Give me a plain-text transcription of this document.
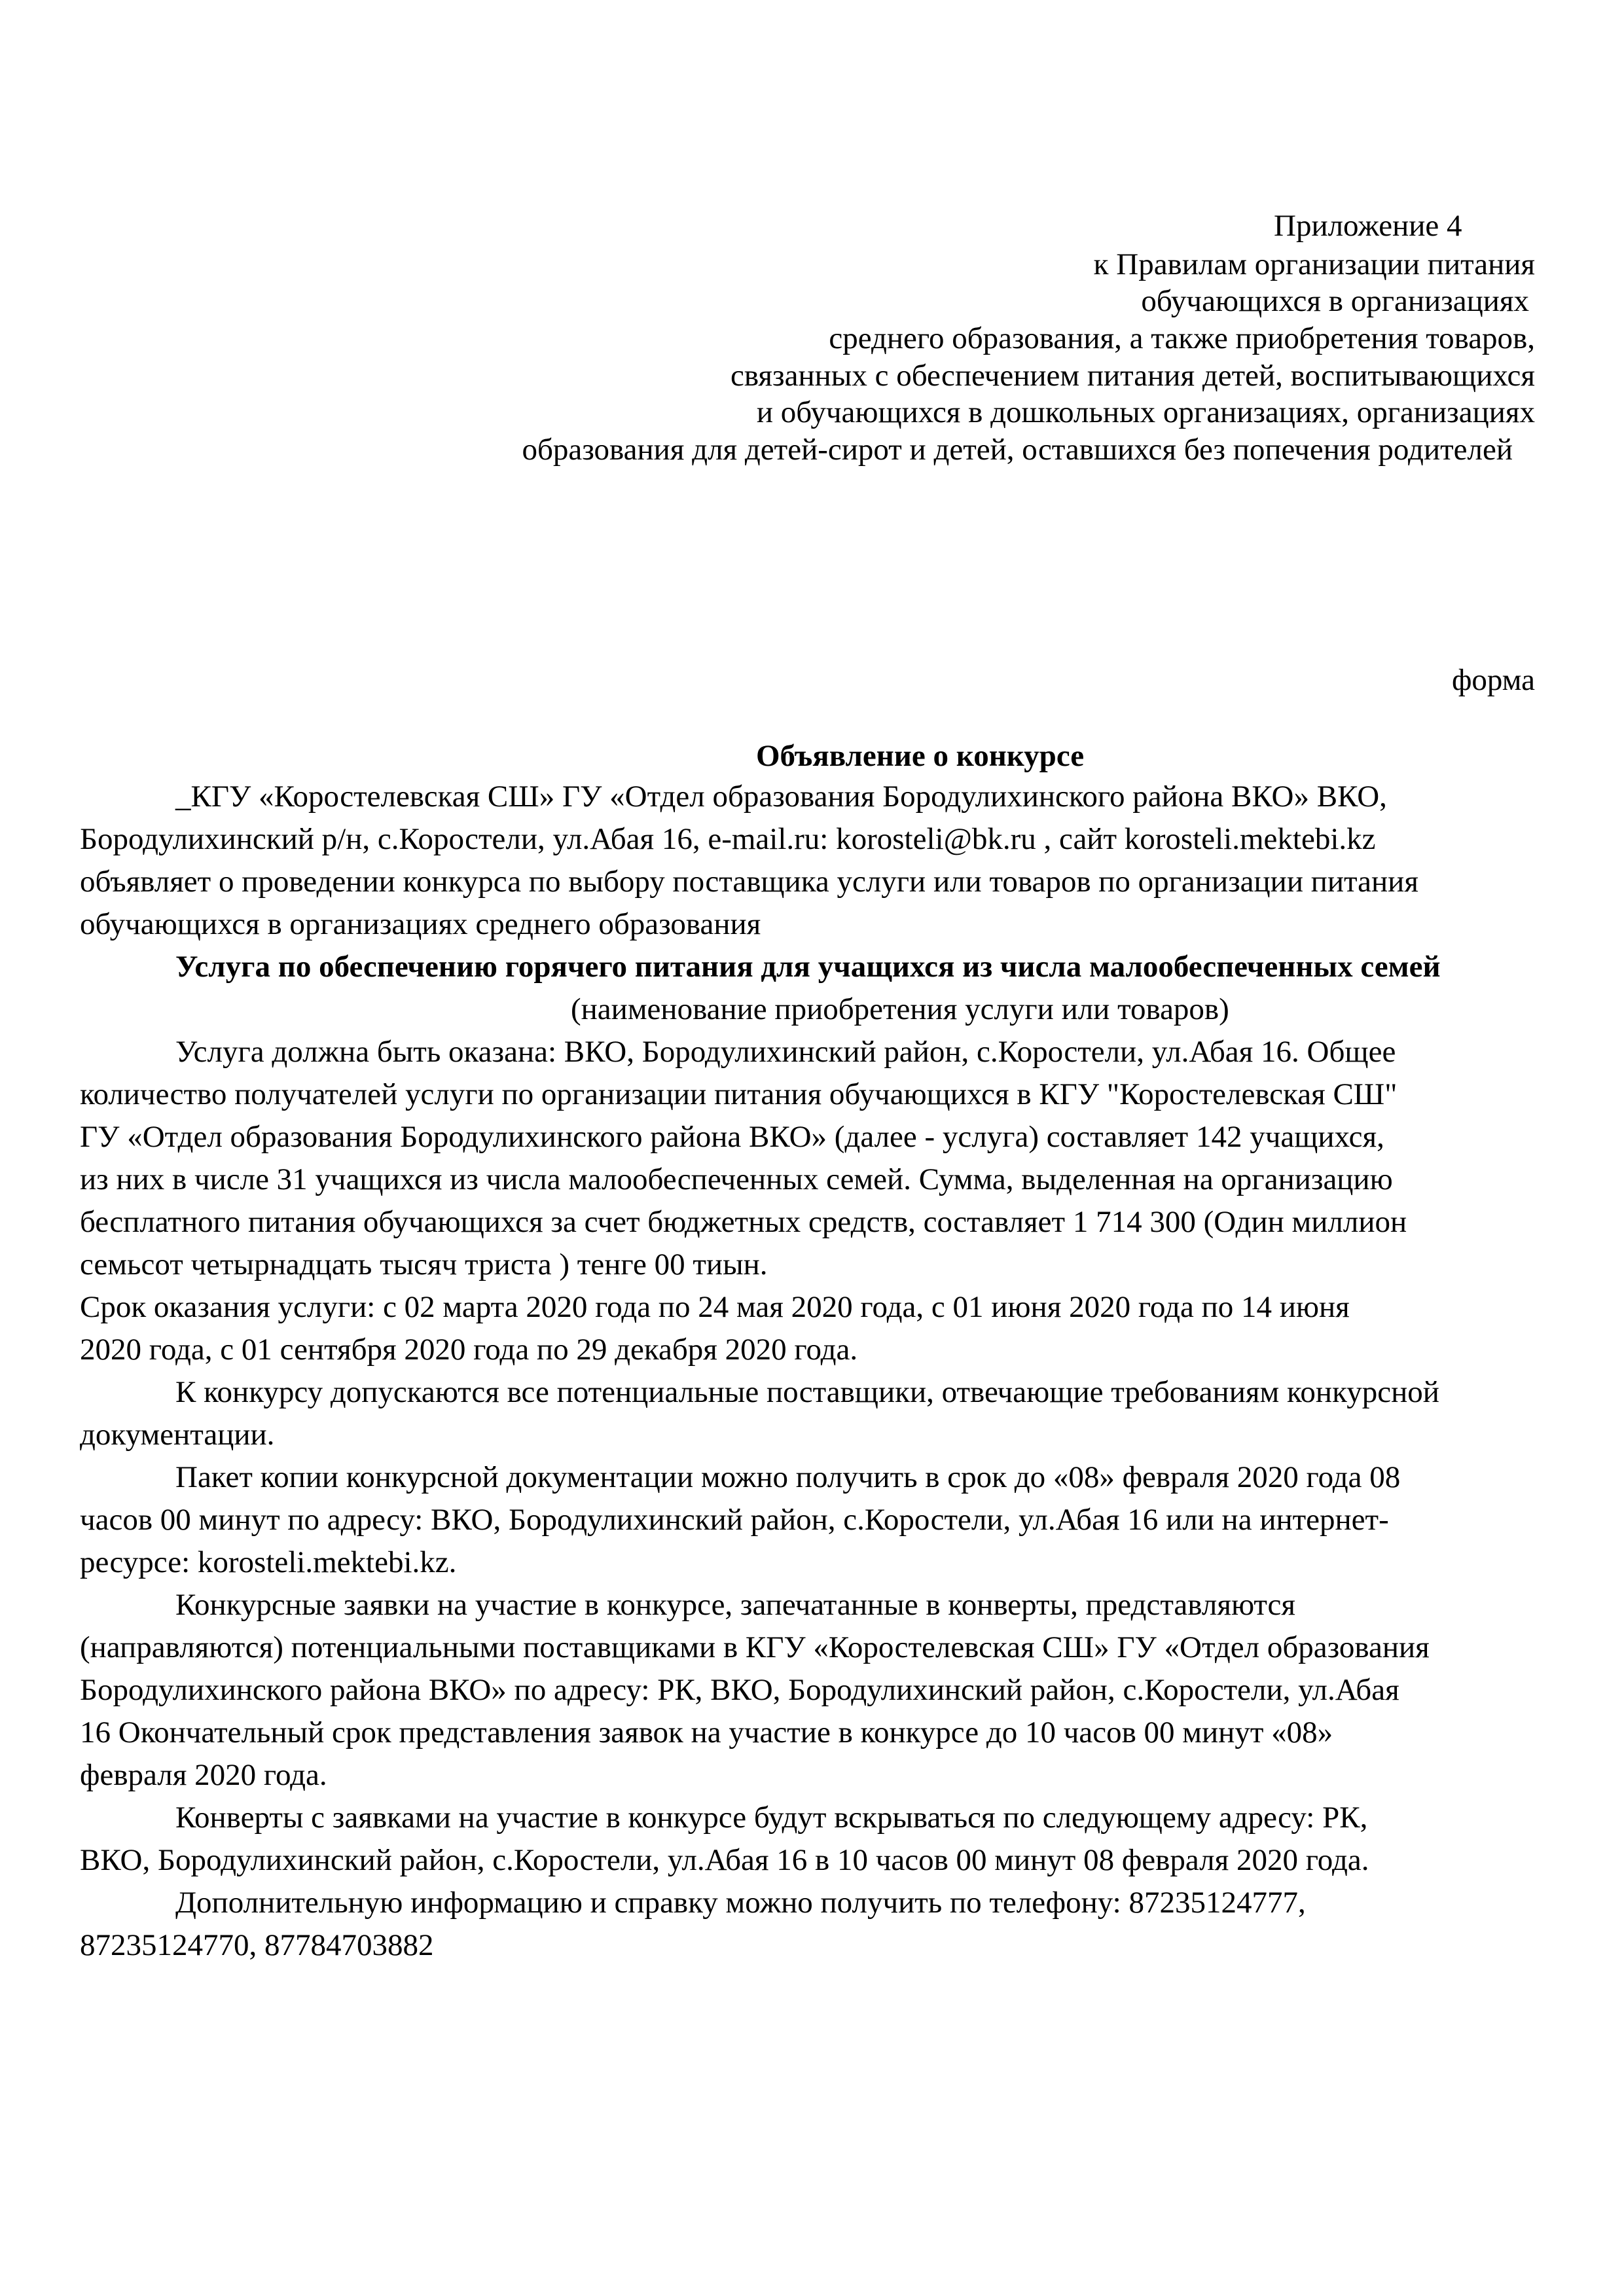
Приложение 4
к Правилам организации питания
обучающихся в организациях
среднего образования, а также приобретения товаров,
связанных с обеспечением питания детей, воспитывающихся
и обучающихся в дошкольных организациях, организациях
образования для детей-сирот и детей, оставшихся без попечения родителей
форма
Объявление о конкурсе
_КГУ «Коростелевская СШ» ГУ «Отдел образования Бородулихинского района ВКО» ВКО,
Бородулихинский р/н, с.Коростели, ул.Абая 16, e-mail.ru: korosteli@bk.ru , сайт korosteli.mektebi.kz
объявляет о проведении конкурса по выбору поставщика услуги или товаров по организации питания
обучающихся в организациях среднего образования
Услуга по обеспечению горячего питания для учащихся из числа малообеспеченных семей
(наименование приобретения услуги или товаров)
Услуга должна быть оказана: ВКО, Бородулихинский район, с.Коростели, ул.Абая 16. Общее
количество получателей услуги по организации питания обучающихся в КГУ "Коростелевская СШ"
ГУ «Отдел образования Бородулихинского района ВКО» (далее - услуга) составляет 142 учащихся,
из них в числе 31 учащихся из числа малообеспеченных семей. Сумма, выделенная на организацию
бесплатного питания обучающихся за счет бюджетных средств, составляет 1 714 300 (Один миллион
семьсот четырнадцать тысяч триста ) тенге 00 тиын.
Срок оказания услуги: с 02 марта 2020 года по 24 мая 2020 года, с 01 июня 2020 года по 14 июня
2020 года, с 01 сентября 2020 года по 29 декабря 2020 года.
К конкурсу допускаются все потенциальные поставщики, отвечающие требованиям конкурсной
документации.
Пакет копии конкурсной документации можно получить в срок до «08» февраля 2020 года 08
часов 00 минут по адресу: ВКО, Бородулихинский район, с.Коростели, ул.Абая 16 или на интернет-
ресурсе: korosteli.mektebi.kz.
Конкурсные заявки на участие в конкурсе, запечатанные в конверты, представляются
(направляются) потенциальными поставщиками в КГУ «Коростелевская СШ» ГУ «Отдел образования
Бородулихинского района ВКО» по адресу: РК, ВКО, Бородулихинский район, с.Коростели, ул.Абая
16 Окончательный срок представления заявок на участие в конкурсе до 10 часов 00 минут «08»
февраля 2020 года.
Конверты с заявками на участие в конкурсе будут вскрываться по следующему адресу: РК,
ВКО, Бородулихинский район, с.Коростели, ул.Абая 16 в 10 часов 00 минут 08 февраля 2020 года.
Дополнительную информацию и справку можно получить по телефону: 87235124777,
87235124770, 87784703882
